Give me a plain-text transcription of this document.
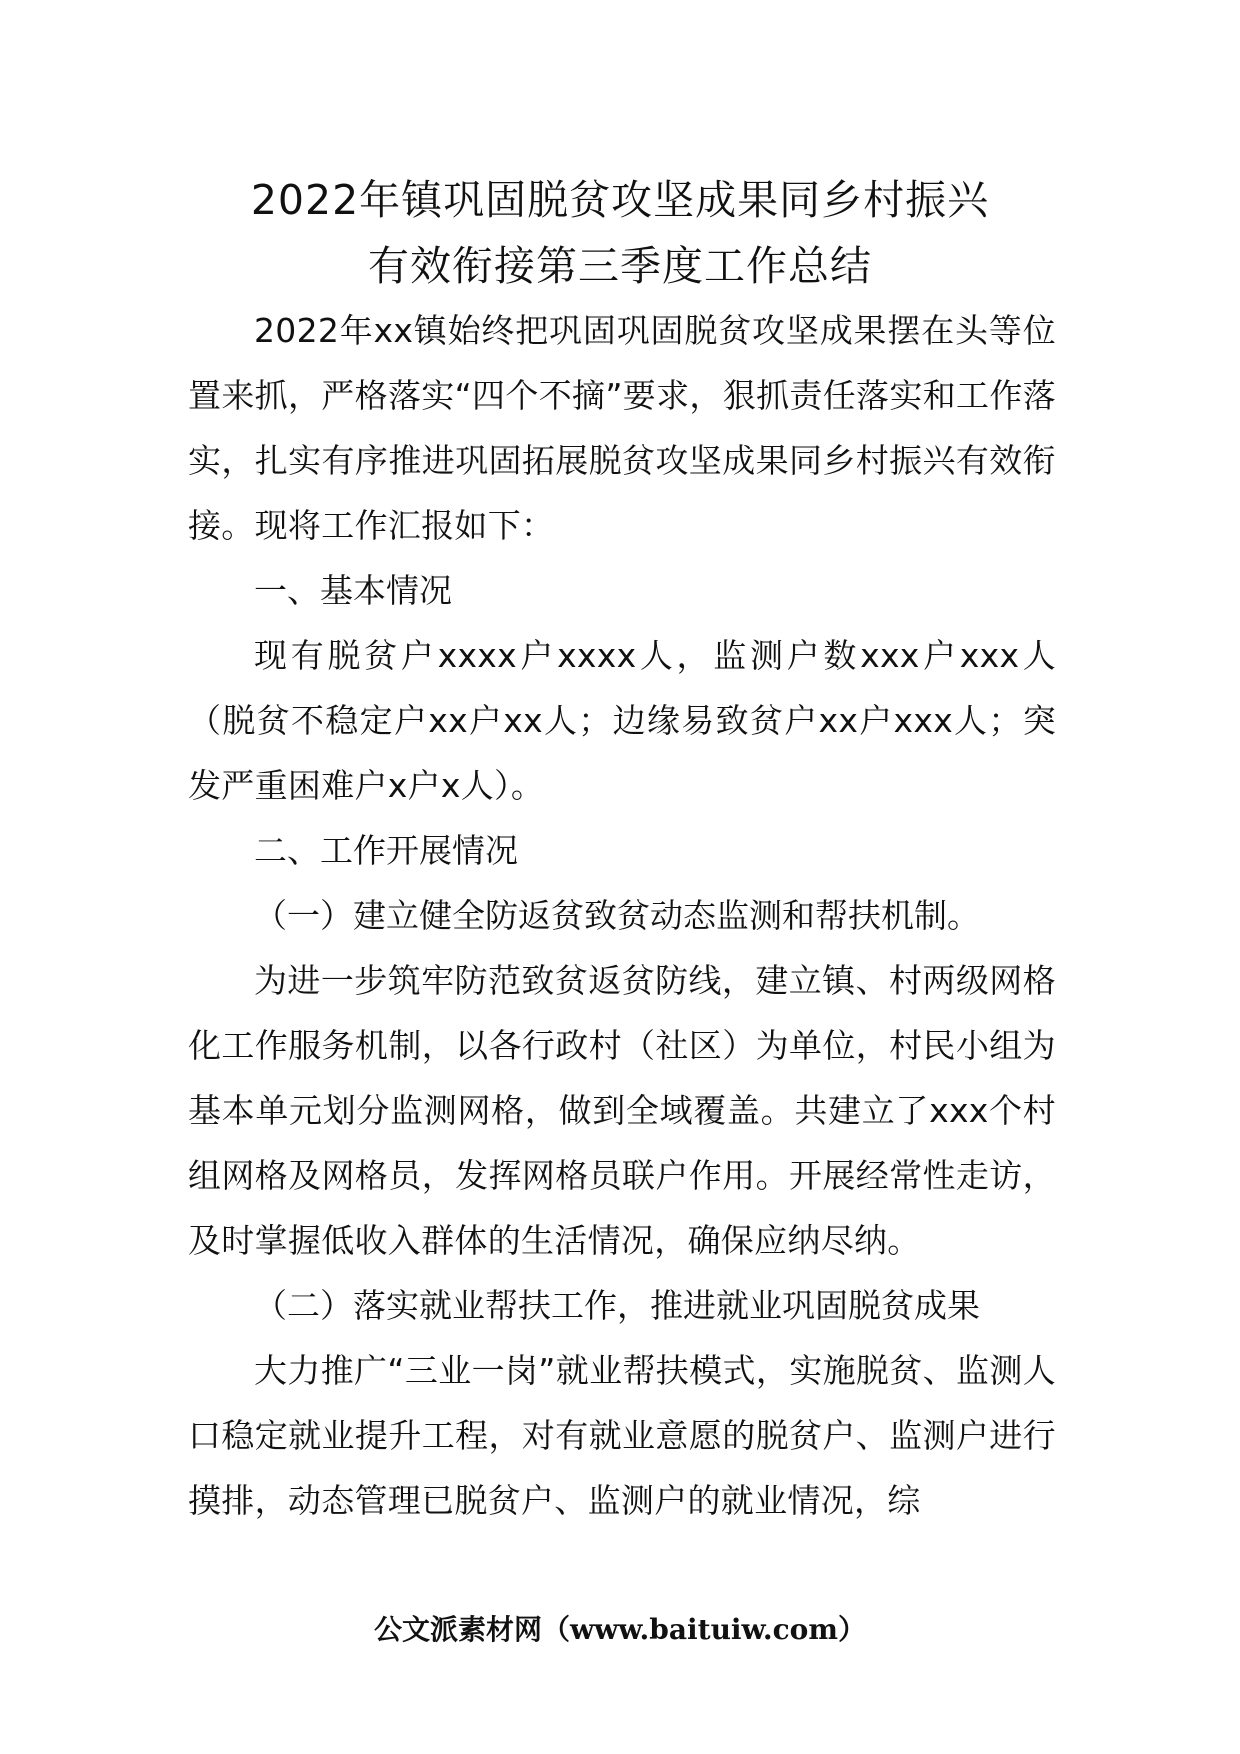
2022年镇巩固脱贫攻坚成果同乡村振兴
有效衔接第三季度工作总结

2022年xx镇始终把巩固巩固脱贫攻坚成果摆在头等位置来抓，严格落实“四个不摘”要求，狠抓责任落实和工作落实，扎实有序推进巩固拓展脱贫攻坚成果同乡村振兴有效衔接。现将工作汇报如下：

一、基本情况

现有脱贫户xxxx户xxxx人，监测户数xxx户xxx人（脱贫不稳定户xx户xx人；边缘易致贫户xx户xxx人；突发严重困难户x户x人）。

二、工作开展情况

（一）建立健全防返贫致贫动态监测和帮扶机制。

为进一步筑牢防范致贫返贫防线，建立镇、村两级网格化工作服务机制，以各行政村（社区）为单位，村民小组为基本单元划分监测网格，做到全域覆盖。共建立了xxx个村组网格及网格员，发挥网格员联户作用。开展经常性走访，及时掌握低收入群体的生活情况，确保应纳尽纳。

（二）落实就业帮扶工作，推进就业巩固脱贫成果

大力推广“三业一岗”就业帮扶模式，实施脱贫、监测人口稳定就业提升工程，对有就业意愿的脱贫户、监测户进行摸排，动态管理已脱贫户、监测户的就业情况，综

公文派素材网（www.baituiw.com）
